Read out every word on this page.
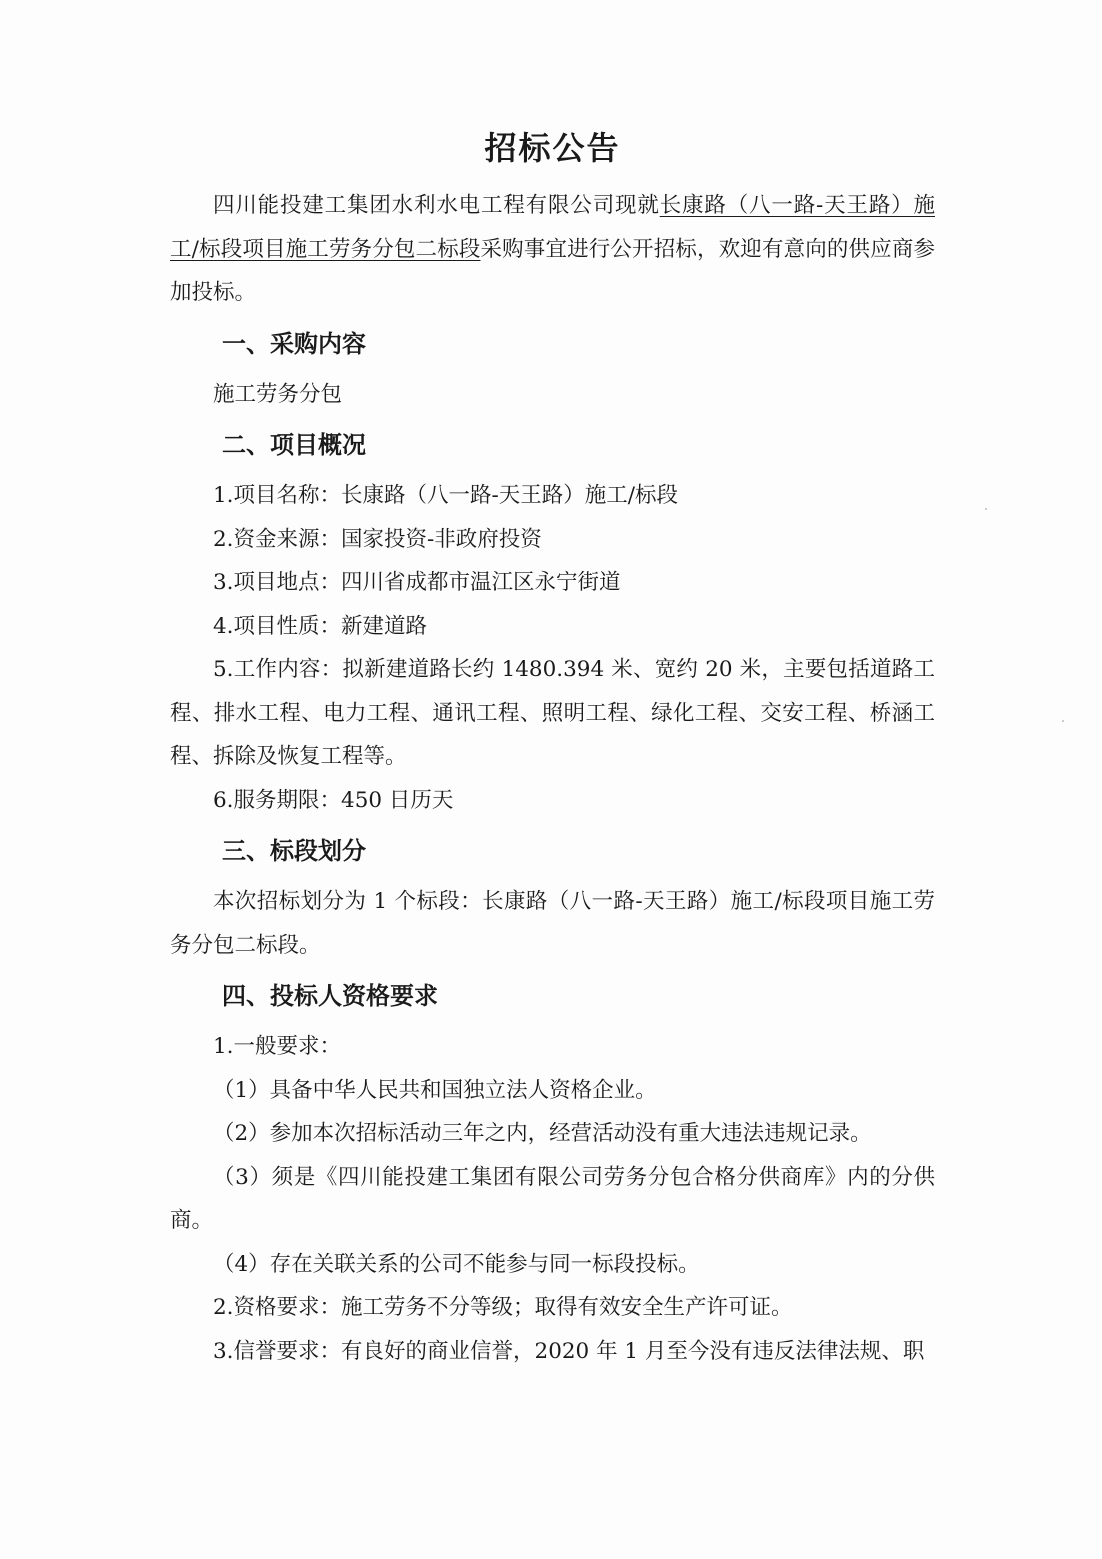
招标公告

四川能投建工集团水利水电工程有限公司现就长康路（八一路-天王路）施工/标段项目施工劳务分包二标段采购事宜进行公开招标，欢迎有意向的供应商参加投标。

一、采购内容

施工劳务分包

二、项目概况

1.项目名称：长康路（八一路-天王路）施工/标段

2.资金来源：国家投资-非政府投资

3.项目地点：四川省成都市温江区永宁街道

4.项目性质：新建道路

5.工作内容：拟新建道路长约 1480.394 米、宽约 20 米，主要包括道路工程、排水工程、电力工程、通讯工程、照明工程、绿化工程、交安工程、桥涵工程、拆除及恢复工程等。

6.服务期限：450 日历天

三、标段划分

本次招标划分为 1 个标段：长康路（八一路-天王路）施工/标段项目施工劳务分包二标段。

四、投标人资格要求

1.一般要求：

（1）具备中华人民共和国独立法人资格企业。

（2）参加本次招标活动三年之内，经营活动没有重大违法违规记录。

（3）须是《四川能投建工集团有限公司劳务分包合格分供商库》内的分供商。

（4）存在关联关系的公司不能参与同一标段投标。

2.资格要求：施工劳务不分等级；取得有效安全生产许可证。

3.信誉要求：有良好的商业信誉，2020 年 1 月至今没有违反法律法规、职
